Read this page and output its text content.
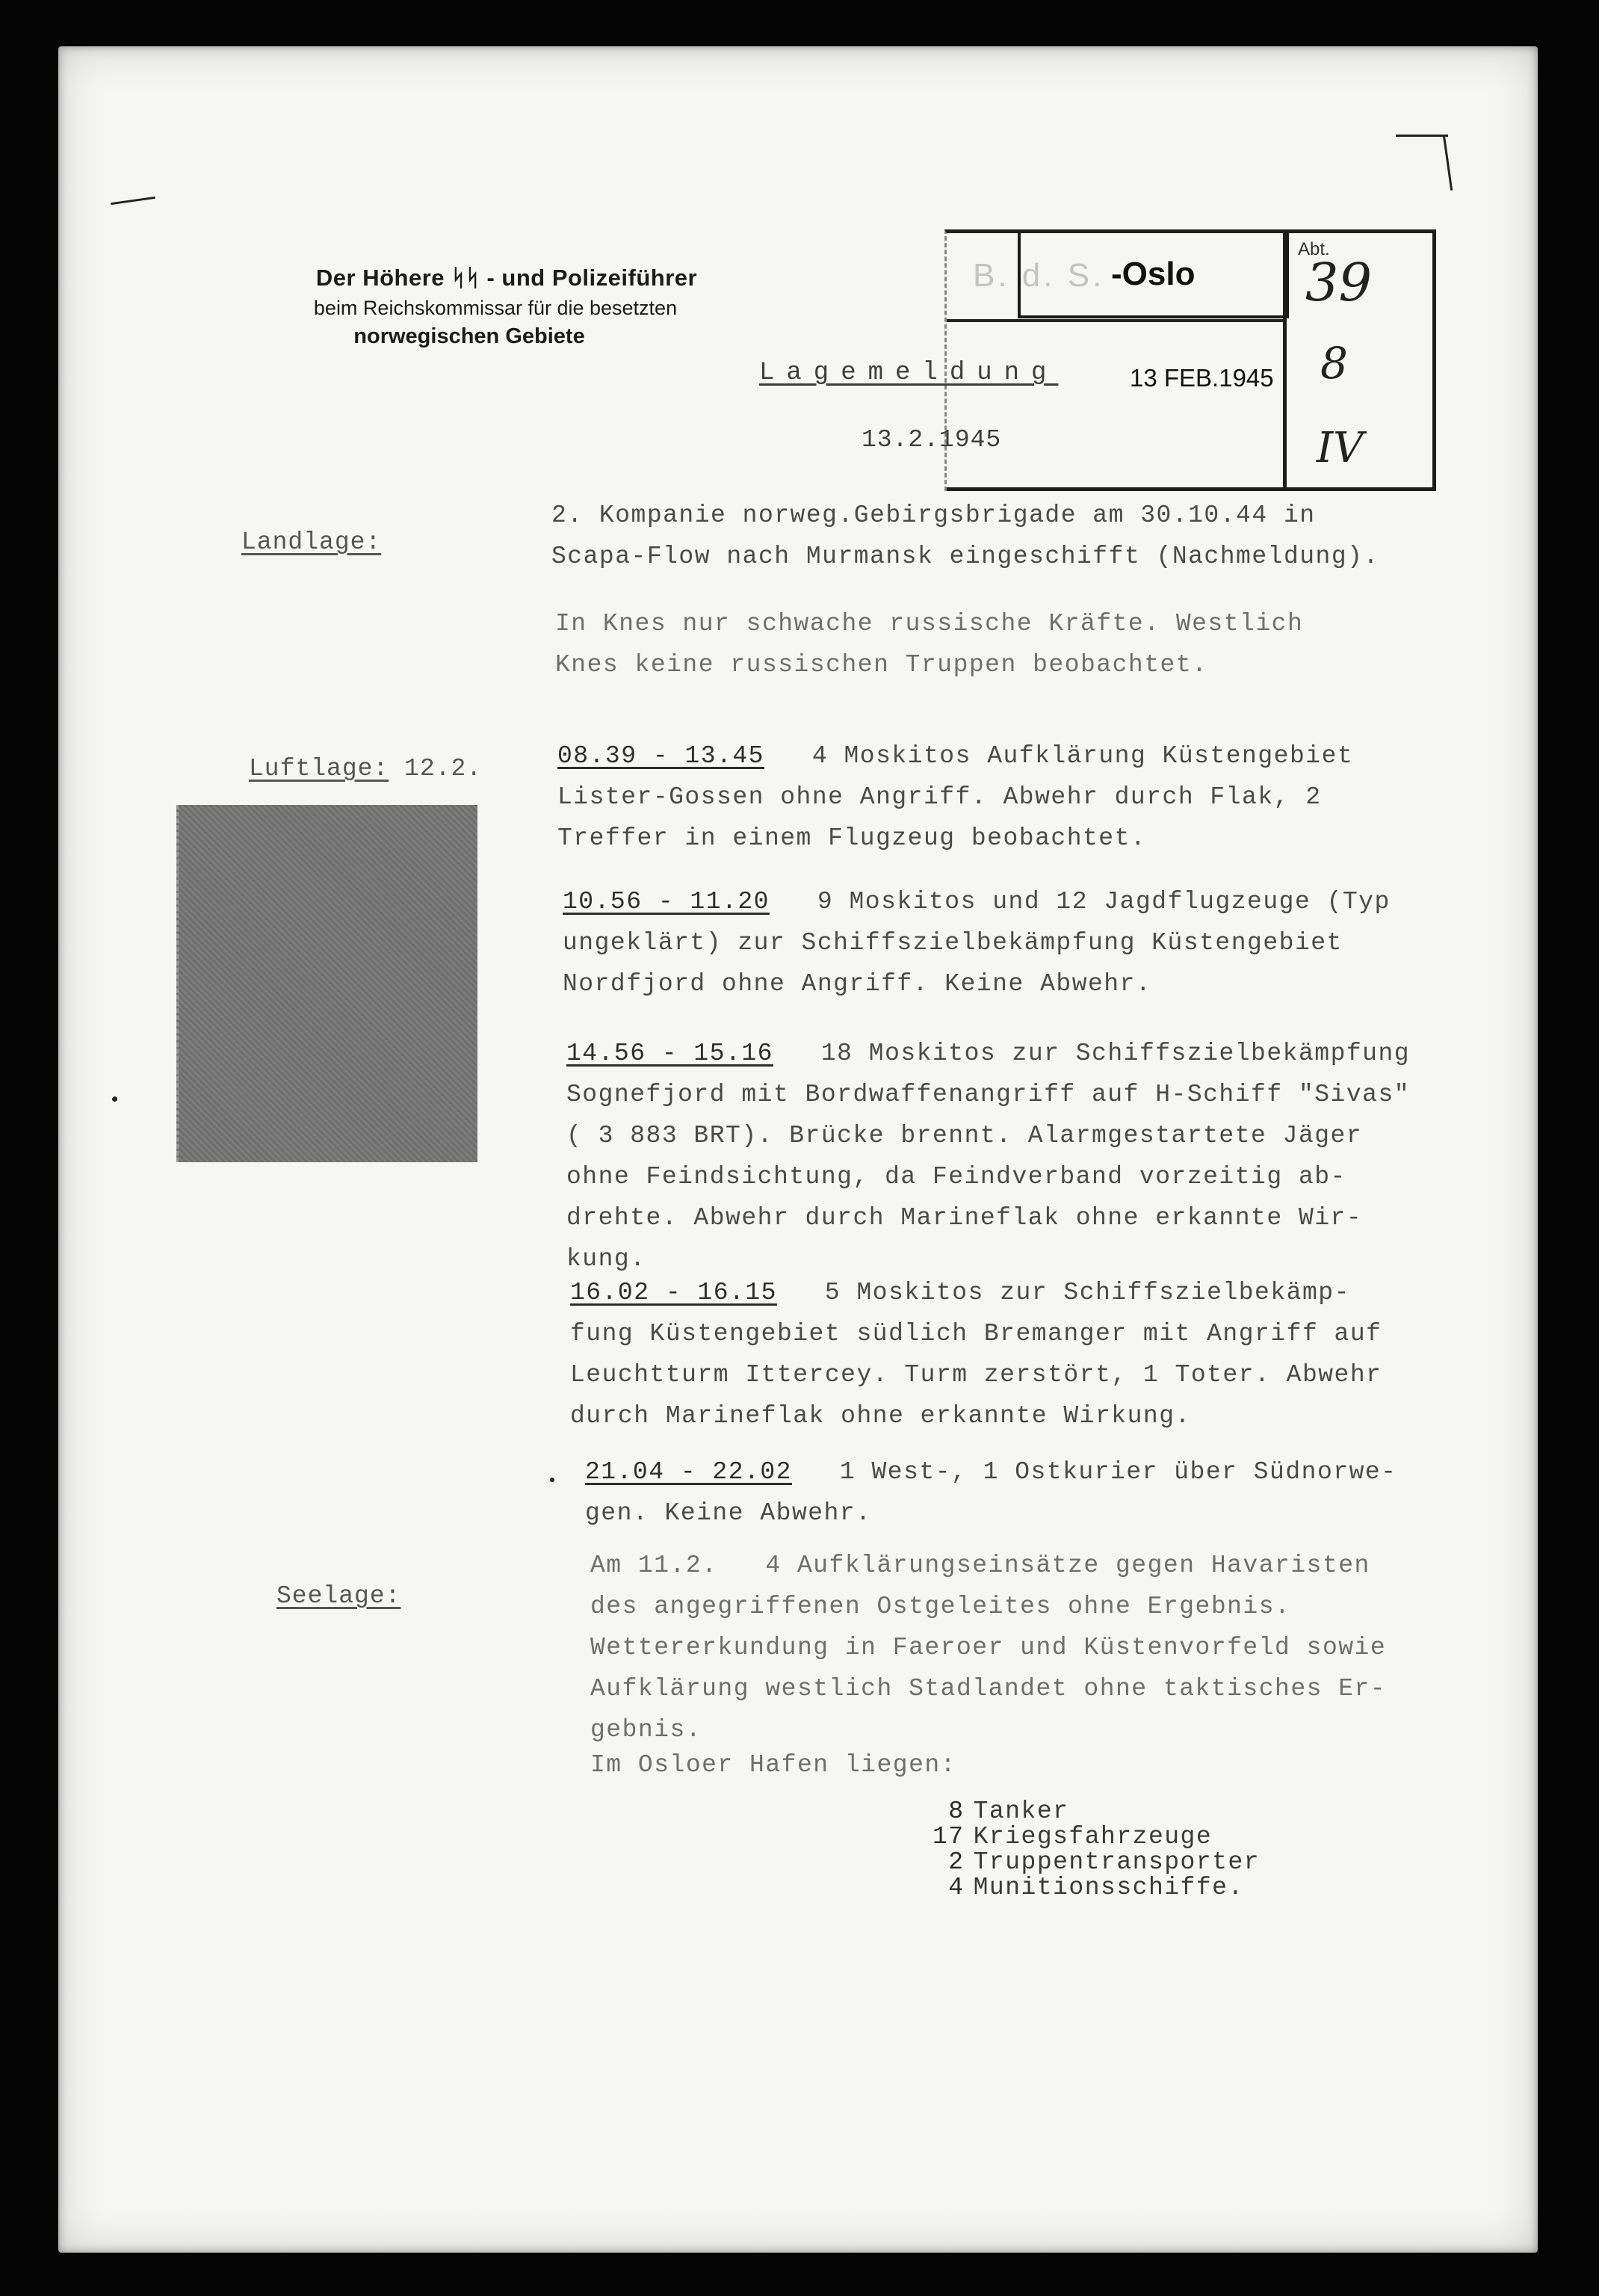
Der Höhere ᛋᛋ - und Polizeiführer
beim Reichskommissar für die besetzten
norwegischen Gebiete
B. d. S. -Oslo
13 FEB.1945
Abt.
39
8
IV
Lagemeldung
13.2.1945
Landlage:
2. Kompanie norweg.Gebirgsbrigade am 30.10.44 in
Scapa-Flow nach Murmansk eingeschifft (Nachmeldung).
In Knes nur schwache russische Kräfte. Westlich
Knes keine russischen Truppen beobachtet.
Luftlage: 12.2.	08.39 - 13.45 4 Moskitos Aufklärung Küstengebiet
Lister-Gossen ohne Angriff. Abwehr durch Flak, 2
Treffer in einem Flugzeug beobachtet.
10.56 - 11.20 9 Moskitos und 12 Jagdflugzeuge (Typ
ungeklärt) zur Schiffszielbekämpfung Küstengebiet
Nordfjord ohne Angriff. Keine Abwehr.
14.56 - 15.16 18 Moskitos zur Schiffszielbekämpfung
Sognefjord mit Bordwaffenangriff auf H-Schiff "Sivas"
( 3 883 BRT). Brücke brennt. Alarmgestartete Jäger
ohne Feindsichtung, da Feindverband vorzeitig ab-
drehte. Abwehr durch Marineflak ohne erkannte Wir-
kung.
16.02 - 16.15 5 Moskitos zur Schiffszielbekämp-
fung Küstengebiet südlich Bremanger mit Angriff auf
Leuchtturm Ittercey. Turm zerstört, 1 Toter. Abwehr
durch Marineflak ohne erkannte Wirkung.
21.04 - 22.02 1 West-, 1 Ostkurier über Südnorwe-
gen. Keine Abwehr.
Seelage:
Am 11.2.   4 Aufklärungseinsätze gegen Havaristen
des angegriffenen Ostgeleites ohne Ergebnis.
Wettererkundung in Faeroer und Küstenvorfeld sowie
Aufklärung westlich Stadlandet ohne taktisches Er-
gebnis.
Im Osloer Hafen liegen:
8	Tanker
17	Kriegsfahrzeuge
2	Truppentransporter
4	Munitionsschiffe.
